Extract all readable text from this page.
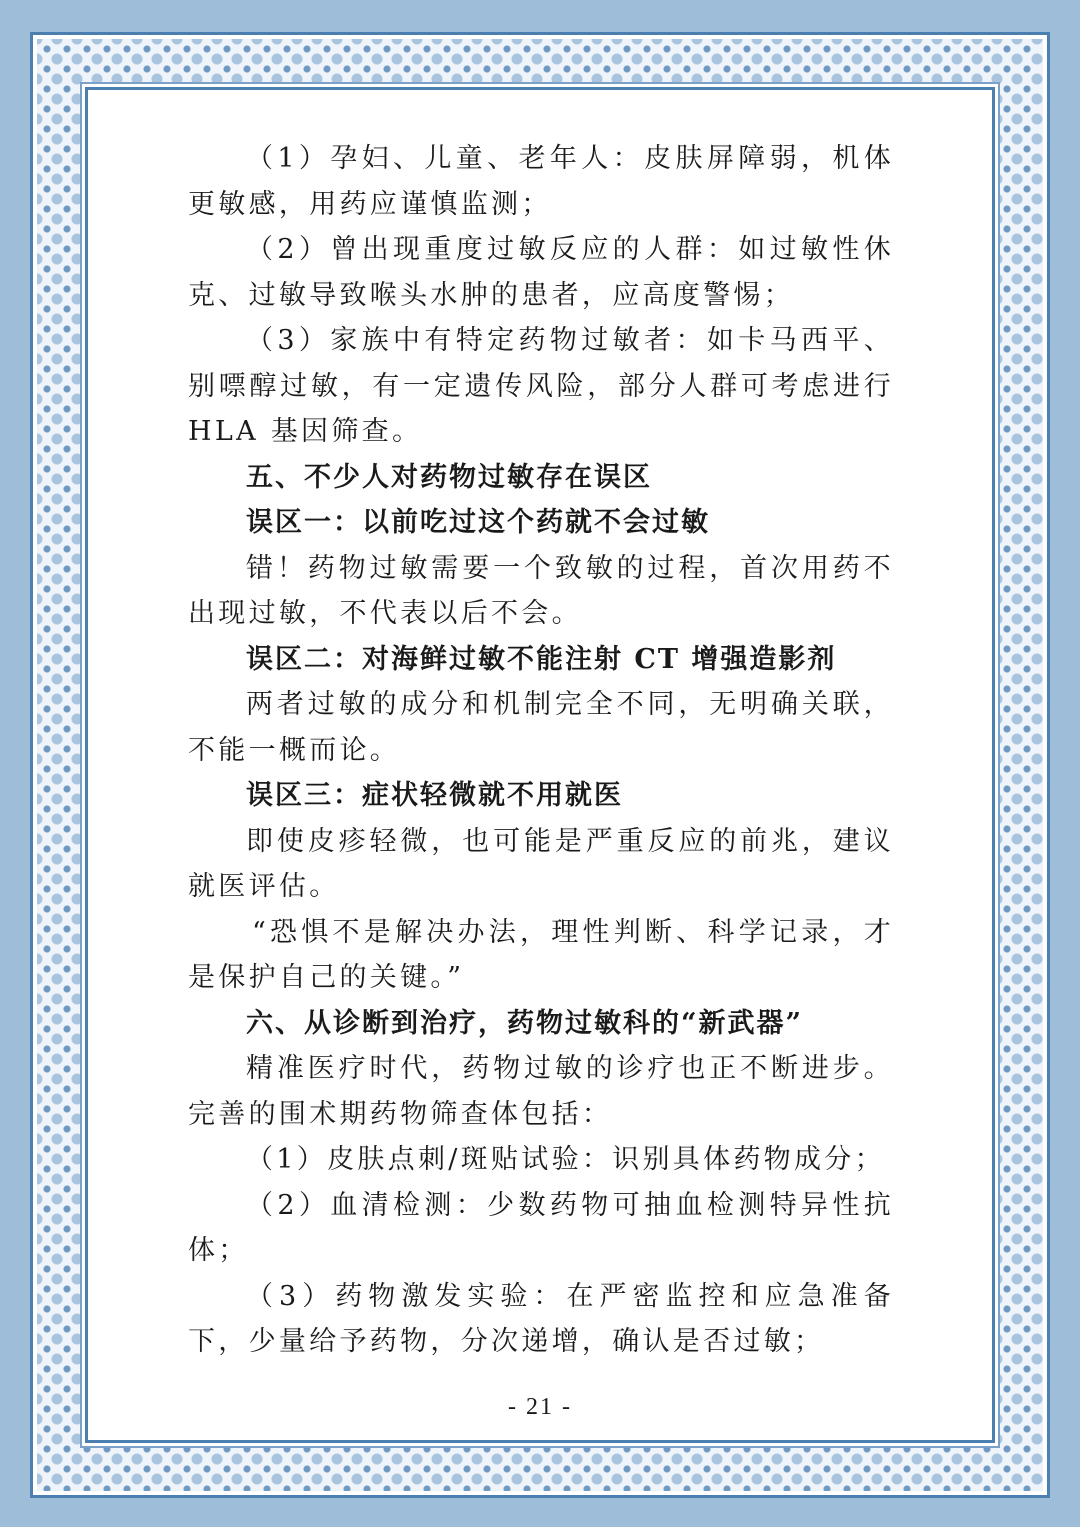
（1）孕妇、儿童、老年人：皮肤屏障弱，机体更敏感，用药应谨慎监测；

（2）曾出现重度过敏反应的人群：如过敏性休克、过敏导致喉头水肿的患者，应高度警惕；

（3）家族中有特定药物过敏者：如卡马西平、别嘌醇过敏，有一定遗传风险，部分人群可考虑进行 HLA 基因筛查。

五、不少人对药物过敏存在误区

误区一：以前吃过这个药就不会过敏

错！药物过敏需要一个致敏的过程，首次用药不出现过敏，不代表以后不会。

误区二：对海鲜过敏不能注射 CT 增强造影剂

两者过敏的成分和机制完全不同，无明确关联，不能一概而论。

误区三：症状轻微就不用就医

即使皮疹轻微，也可能是严重反应的前兆，建议就医评估。

“恐惧不是解决办法，理性判断、科学记录，才是保护自己的关键。”

六、从诊断到治疗，药物过敏科的“新武器”

精准医疗时代，药物过敏的诊疗也正不断进步。完善的围术期药物筛查体包括：

（1）皮肤点刺/斑贴试验：识别具体药物成分；

（2）血清检测：少数药物可抽血检测特异性抗体；

（3）药物激发实验：在严密监控和应急准备下，少量给予药物，分次递增，确认是否过敏；

- 21 -
